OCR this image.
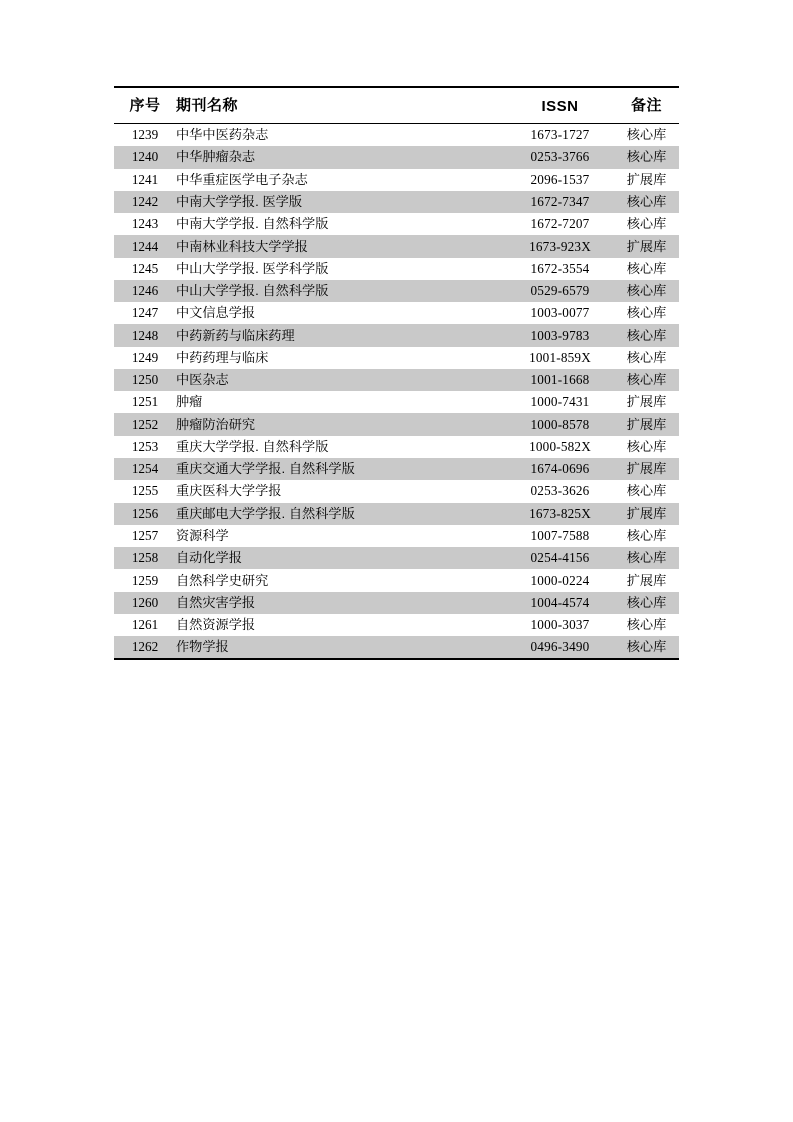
序号	期刊名称	ISSN	备注
1239	中华中医药杂志	1673-1727	核心库
1240	中华肿瘤杂志	0253-3766	核心库
1241	中华重症医学电子杂志	2096-1537	扩展库
1242	中南大学学报. 医学版	1672-7347	核心库
1243	中南大学学报. 自然科学版	1672-7207	核心库
1244	中南林业科技大学学报	1673-923X	扩展库
1245	中山大学学报. 医学科学版	1672-3554	核心库
1246	中山大学学报. 自然科学版	0529-6579	核心库
1247	中文信息学报	1003-0077	核心库
1248	中药新药与临床药理	1003-9783	核心库
1249	中药药理与临床	1001-859X	核心库
1250	中医杂志	1001-1668	核心库
1251	肿瘤	1000-7431	扩展库
1252	肿瘤防治研究	1000-8578	扩展库
1253	重庆大学学报. 自然科学版	1000-582X	核心库
1254	重庆交通大学学报. 自然科学版	1674-0696	扩展库
1255	重庆医科大学学报	0253-3626	核心库
1256	重庆邮电大学学报. 自然科学版	1673-825X	扩展库
1257	资源科学	1007-7588	核心库
1258	自动化学报	0254-4156	核心库
1259	自然科学史研究	1000-0224	扩展库
1260	自然灾害学报	1004-4574	核心库
1261	自然资源学报	1000-3037	核心库
1262	作物学报	0496-3490	核心库
